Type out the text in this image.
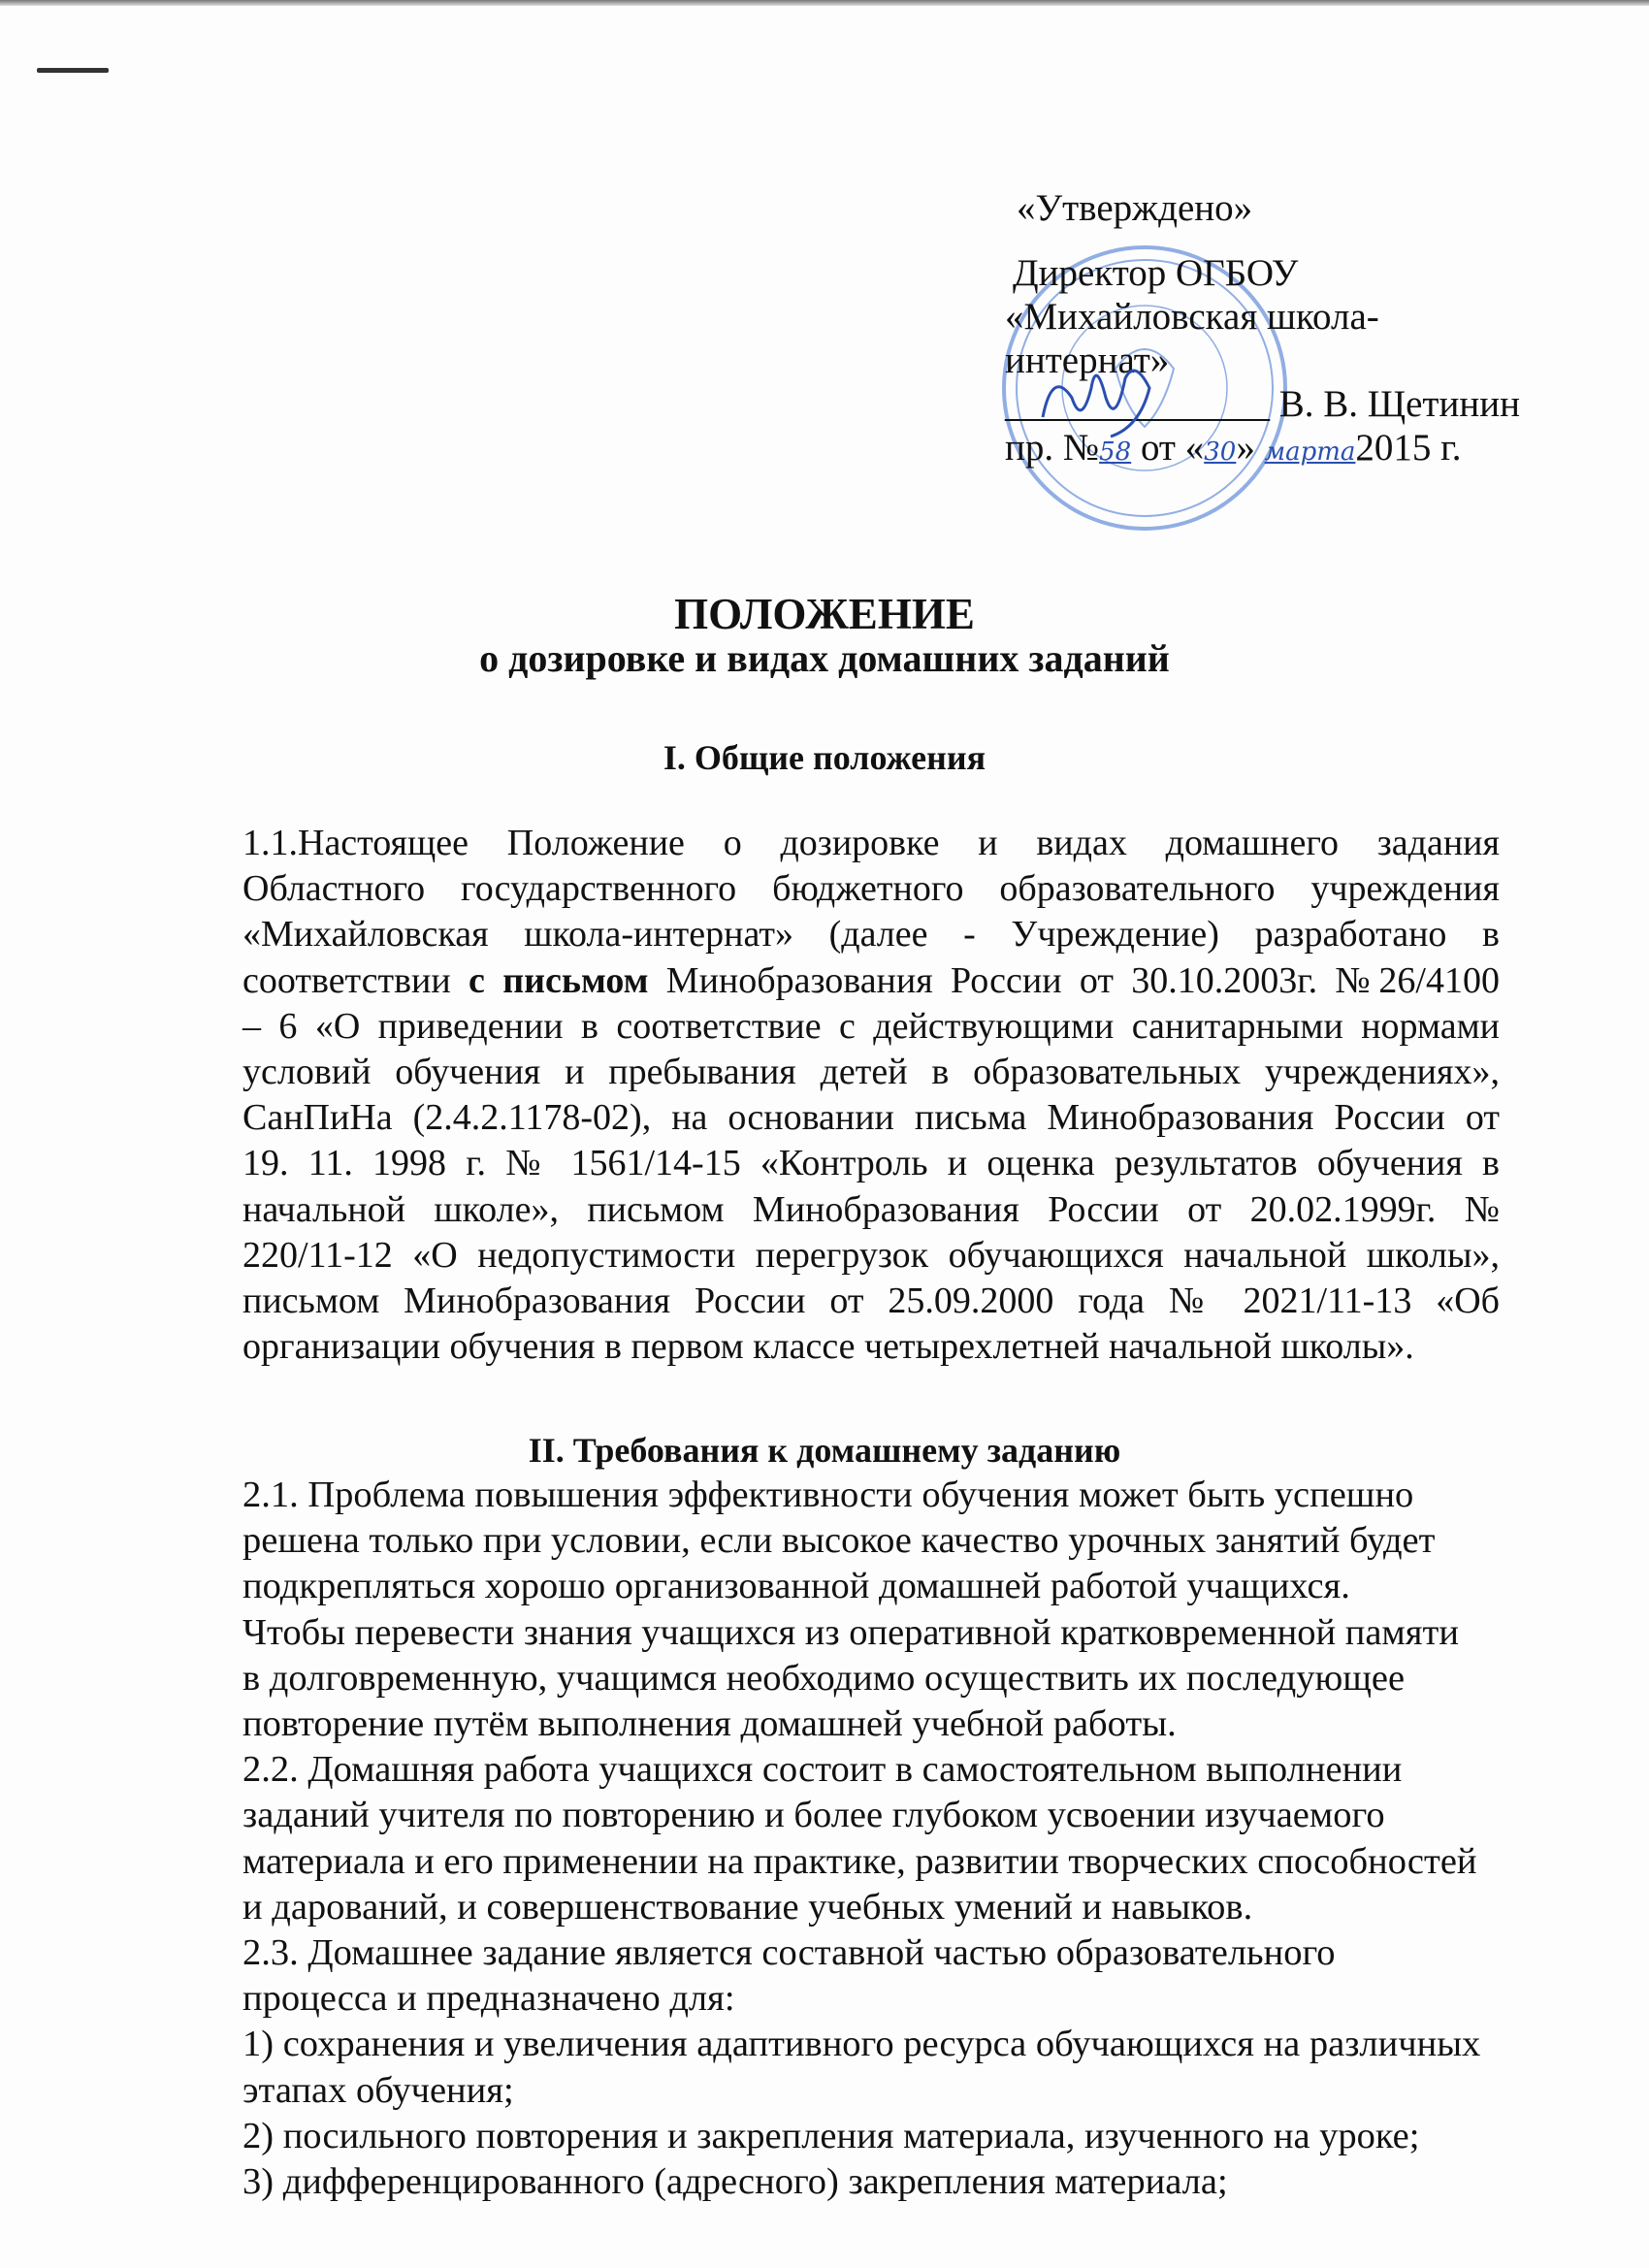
«Утверждено»
Директор ОГБОУ
«Михайловская школа-
интернат»
______________ В. В. Щетинин
пр. №58 от «30» марта2015 г.
ПОЛОЖЕНИЕ
о дозировке и видах домашних заданий
I. Общие положения
1.1.Настоящее Положение о дозировке и видах домашнего задания
Областного государственного бюджетного образовательного учреждения
«Михайловская школа-интернат» (далее - Учреждение) разработано в
соответствии с письмом Минобразования России от 30.10.2003г. №26/4100
– 6 «О приведении в соответствие с действующими санитарными нормами
условий обучения и пребывания детей в образовательных учреждениях»,
СанПиНа (2.4.2.1178-02), на основании письма Минобразования России от
19. 11. 1998 г. № 1561/14-15 «Контроль и оценка результатов обучения в
начальной школе», письмом Минобразования России от 20.02.1999г. №
220/11-12 «О недопустимости перегрузок обучающихся начальной школы»,
письмом Минобразования России от 25.09.2000 года № 2021/11-13 «Об
организации обучения в первом классе четырехлетней начальной школы».
II. Требования к домашнему заданию
2.1. Проблема повышения эффективности обучения может быть успешно
решена только при условии, если высокое качество урочных занятий будет
подкрепляться хорошо организованной домашней работой учащихся.
Чтобы перевести знания учащихся из оперативной кратковременной памяти
в долговременную, учащимся необходимо осуществить их последующее
повторение путём выполнения домашней учебной работы.
2.2. Домашняя работа учащихся состоит в самостоятельном выполнении
заданий учителя по повторению и более глубоком усвоении изучаемого
материала и его применении на практике, развитии творческих способностей
и дарований, и совершенствование учебных умений и навыков.
2.3. Домашнее задание является составной частью образовательного
процесса и предназначено для:
1) сохранения и увеличения адаптивного ресурса обучающихся на различных
этапах обучения;
2) посильного повторения и закрепления материала, изученного на уроке;
3) дифференцированного (адресного) закрепления материала;
